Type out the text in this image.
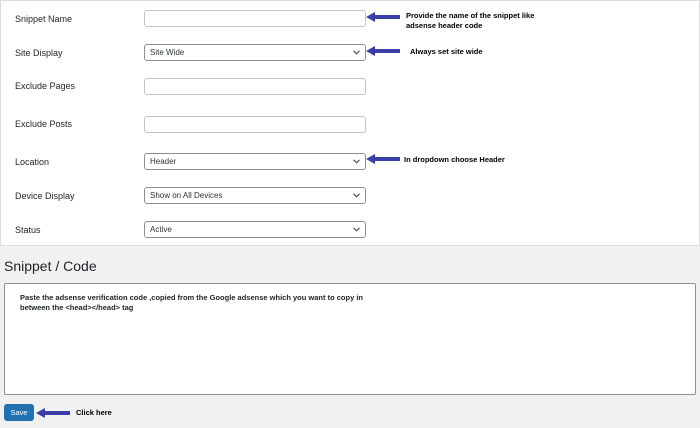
Snippet Name
Site Display	Site Wide
Exclude Pages
Exclude Posts
Location	Header
Device Display	Show on All Devices
Status	Active
Provide the name of the snippet like
adsense header code
Always set site wide
In dropdown choose Header
Snippet / Code
Paste the adsense verification code ,copied from the Google adsense which you want to copy in
between the <head></head> tag
Save	Click here
